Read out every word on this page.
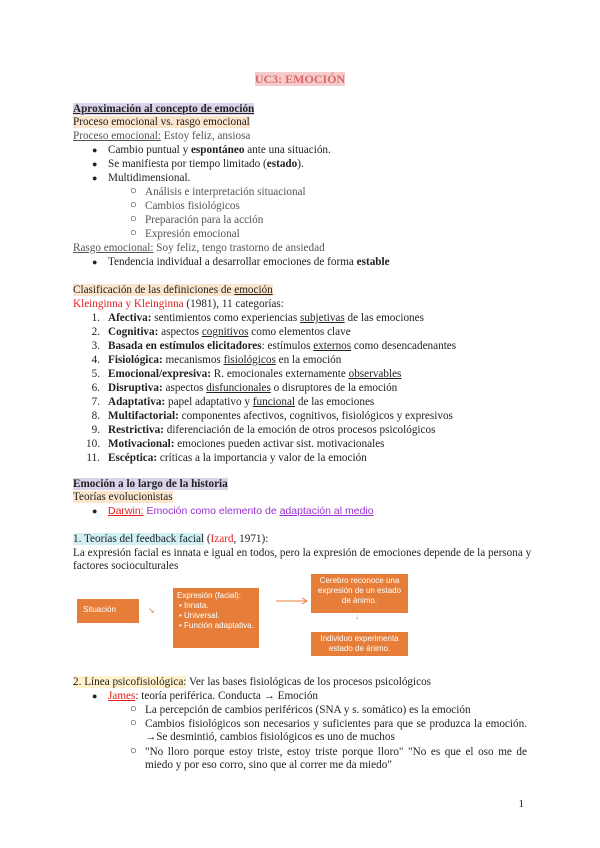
UC3: EMOCIÓN
Aproximación al concepto de emoción
Proceso emocional vs. rasgo emocional
Proceso emocional: Estoy feliz, ansiosa
● Cambio puntual y espontáneo ante una situación.
● Se manifiesta por tiempo limitado (estado).
● Multidimensional.
○ Análisis e interpretación situacional
○ Cambios fisiológicos
○ Preparación para la acción
○ Expresión emocional
Rasgo emocional: Soy feliz, tengo trastorno de ansiedad
● Tendencia individual a desarrollar emociones de forma estable
Clasificación de las definiciones de emoción
Kleinginna y Kleinginna (1981), 11 categorías:
1. Afectiva: sentimientos como experiencias subjetivas de las emociones
2. Cognitiva: aspectos cognitivos como elementos clave
3. Basada en estímulos elicitadores: estímulos externos como desencadenantes
4. Fisiológica: mecanismos fisiológicos en la emoción
5. Emocional/expresiva: R. emocionales externamente observables
6. Disruptiva: aspectos disfuncionales o disruptores de la emoción
7. Adaptativa: papel adaptativo y funcional de las emociones
8. Multifactorial: componentes afectivos, cognitivos, fisiológicos y expresivos
9. Restrictiva: diferenciación de la emoción de otros procesos psicológicos
10. Motivacional: emociones pueden activar sist. motivacionales
11. Escéptica: críticas a la importancia y valor de la emoción
Emoción a lo largo de la historia
Teorías evolucionistas
● Darwin: Emoción como elemento de adaptación al medio
1. Teorías del feedback facial (Izard, 1971):
La expresión facial es innata e igual en todos, pero la expresión de emociones depende de la persona y factores socioculturales
Situación	↘
Expresión (facial):
• Innata.
• Universal.
• Función adaptativa.
Cerebro reconoce una expresión de un estado de ánimo.
↓
Individuo experimenta estado de ánimo.
2. Línea psicofisiológica: Ver las bases fisiológicas de los procesos psicológicos
● James: teoría periférica. Conducta → Emoción
○ La percepción de cambios periféricos (SNA y s. somático) es la emoción
○ Cambios fisiológicos son necesarios y suficientes para que se produzca la emoción. →Se desmintió, cambios fisiológicos es uno de muchos
○ "No lloro porque estoy triste, estoy triste porque lloro" "No es que el oso me de miedo y por eso corro, sino que al correr me da miedo"
1
